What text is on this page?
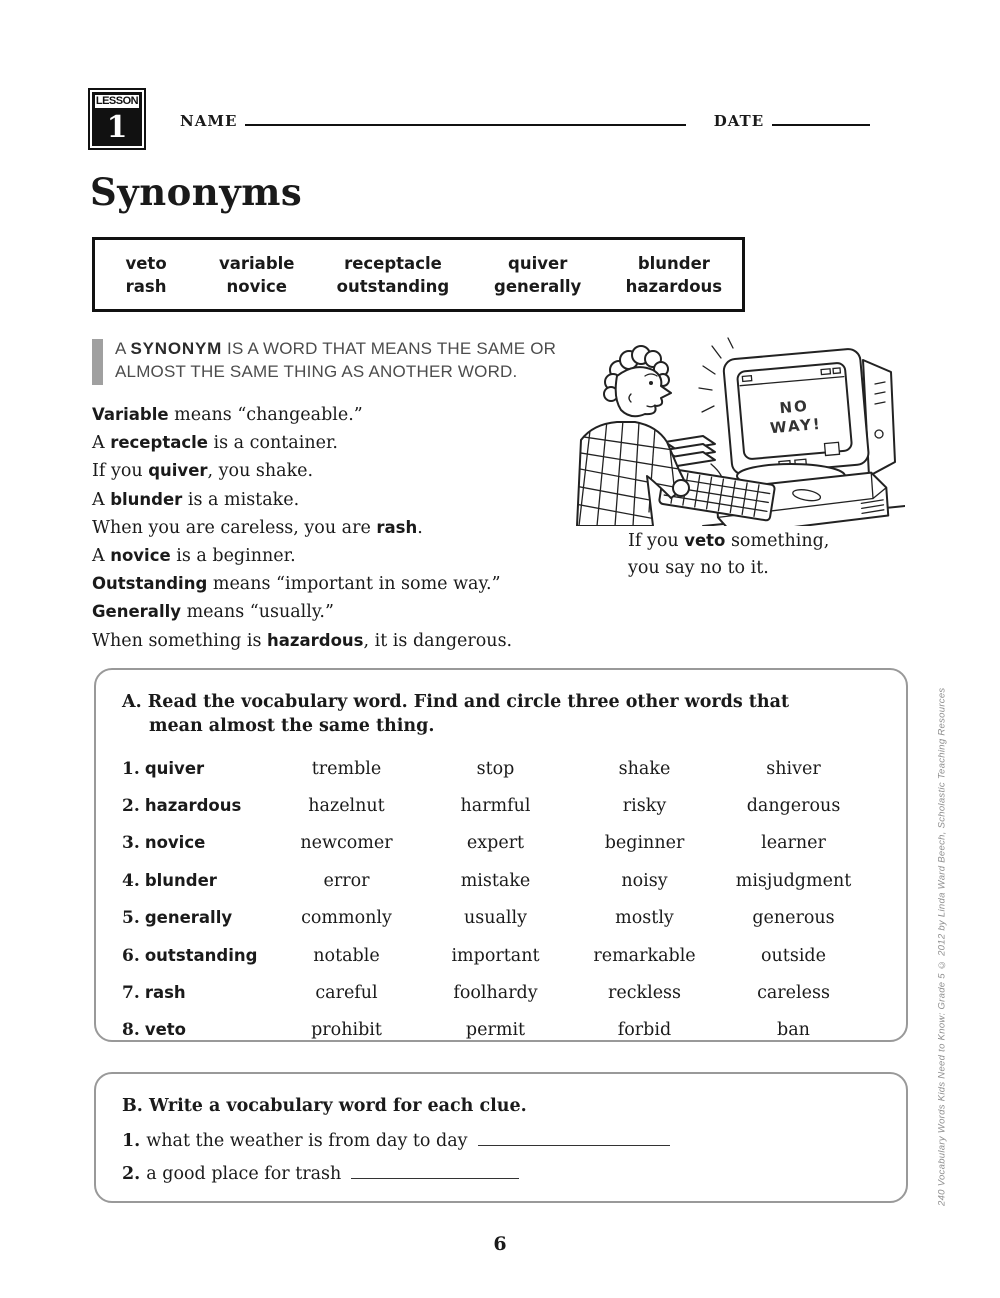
LESSON
1	NAME	DATE
Synonyms
veto	variable	receptacle	quiver	blunder
rash	novice	outstanding	generally	hazardous
A SYNONYM IS A WORD THAT MEANS THE SAME OR ALMOST THE SAME THING AS ANOTHER WORD.
Variable means “changeable.”
A receptacle is a container.
If you quiver, you shake.
A blunder is a mistake.
When you are careless, you are rash.
A novice is a beginner.
Outstanding means “important in some way.”
Generally means “usually.”
When something is hazardous, it is dangerous.
NO
WAY!
If you veto something,
you say no to it.
A. Read the vocabulary word. Find and circle three other words that mean almost the same thing.
1. quiver	tremble	stop	shake	shiver
2. hazardous	hazelnut	harmful	risky	dangerous
3. novice	newcomer	expert	beginner	learner
4. blunder	error	mistake	noisy	misjudgment
5. generally	commonly	usually	mostly	generous
6. outstanding	notable	important	remarkable	outside
7. rash	careful	foolhardy	reckless	careless
8. veto	prohibit	permit	forbid	ban
B. Write a vocabulary word for each clue.
1. what the weather is from day to day
2. a good place for trash	240 Vocabulary Words Kids Need to Know: Grade 5 © 2012 by Linda Ward Beech, Scholastic Teaching Resources
6
